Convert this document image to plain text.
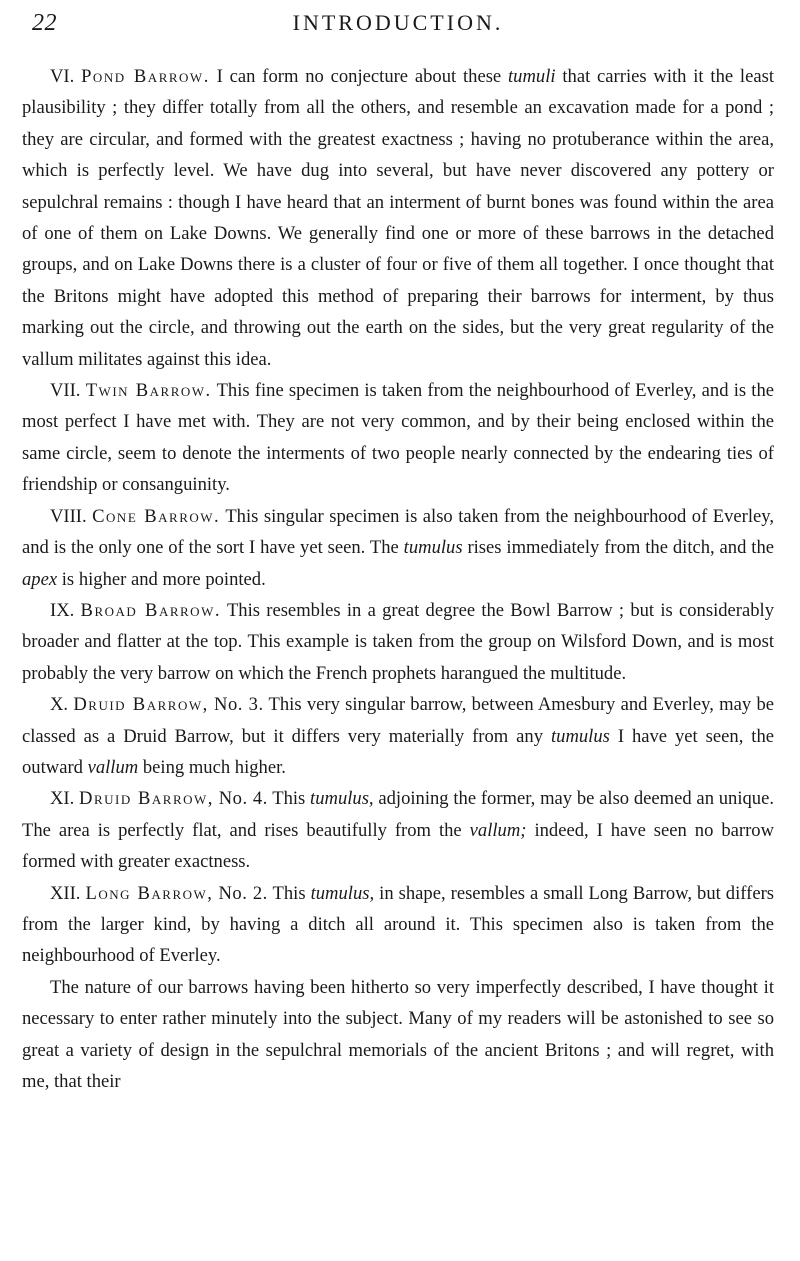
22	INTRODUCTION.

VI. Pond Barrow. I can form no conjecture about these tumuli that carries with it the least plausibility ; they differ totally from all the others, and resemble an excavation made for a pond ; they are circular, and formed with the greatest exactness ; having no protuberance within the area, which is perfectly level. We have dug into several, but have never discovered any pottery or sepulchral remains : though I have heard that an interment of burnt bones was found within the area of one of them on Lake Downs. We generally find one or more of these barrows in the detached groups, and on Lake Downs there is a cluster of four or five of them all together. I once thought that the Britons might have adopted this method of preparing their barrows for interment, by thus marking out the circle, and throwing out the earth on the sides, but the very great regularity of the vallum militates against this idea.

VII. Twin Barrow. This fine specimen is taken from the neighbourhood of Everley, and is the most perfect I have met with. They are not very common, and by their being enclosed within the same circle, seem to denote the interments of two people nearly connected by the endearing ties of friendship or consanguinity.

VIII. Cone Barrow. This singular specimen is also taken from the neighbourhood of Everley, and is the only one of the sort I have yet seen. The tumulus rises immediately from the ditch, and the apex is higher and more pointed.

IX. Broad Barrow. This resembles in a great degree the Bowl Barrow ; but is considerably broader and flatter at the top. This example is taken from the group on Wilsford Down, and is most probably the very barrow on which the French prophets harangued the multitude.

X. Druid Barrow, No. 3. This very singular barrow, between Amesbury and Everley, may be classed as a Druid Barrow, but it differs very materially from any tumulus I have yet seen, the outward vallum being much higher.

XI. Druid Barrow, No. 4. This tumulus, adjoining the former, may be also deemed an unique. The area is perfectly flat, and rises beautifully from the vallum; indeed, I have seen no barrow formed with greater exactness.

XII. Long Barrow, No. 2. This tumulus, in shape, resembles a small Long Barrow, but differs from the larger kind, by having a ditch all around it. This specimen also is taken from the neighbourhood of Everley.

The nature of our barrows having been hitherto so very imperfectly described, I have thought it necessary to enter rather minutely into the subject. Many of my readers will be astonished to see so great a variety of design in the sepulchral memorials of the ancient Britons ; and will regret, with me, that their
